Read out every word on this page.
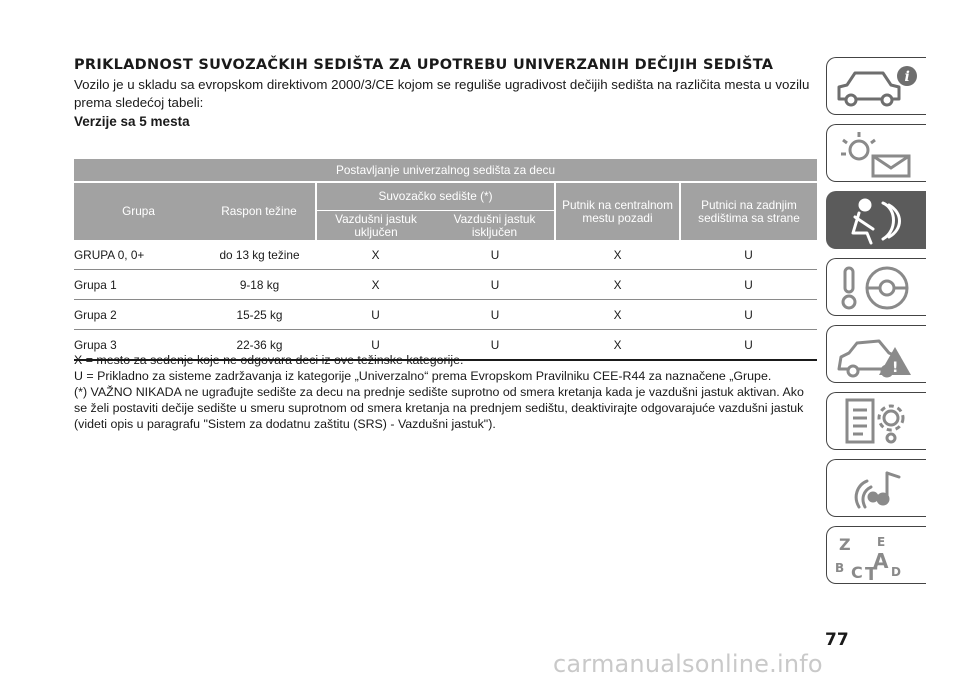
PRIKLADNOST SUVOZAČKIH SEDIŠTA ZA UPOTREBU UNIVERZANIH DEČIJIH SEDIŠTA

Vozilo je u skladu sa evropskom direktivom 2000/3/CE kojom se reguliše ugradivost dečijih sedišta na različita mesta u vozilu prema sledećoj tabeli:

Verzije sa 5 mesta

Postavljanje univerzalnog sedišta za decu					
Grupa	Raspon težine	Suvozačko sedište (*)		Putnik na centralnom mestu pozadi	Putnici na zadnjim sedištima sa strane
		Vazdušni jastuk uključen	Vazdušni jastuk isključen		
GRUPA 0, 0+	do 13 kg težine	X	U	X	U
Grupa 1	9-18 kg	X	U	X	U
Grupa 2	15-25 kg	U	U	X	U
Grupa 3	22-36 kg	U	U	X	U

X = mesto za sedenje koje ne odgovara deci iz ove težinske kategorije.

U = Prikladno za sisteme zadržavanja iz kategorije „Univerzalno“ prema Evropskom Pravilniku CEE-R44 za naznačene „Grupe.

(*) VAŽNO NIKADA ne ugrađujte sedište za decu na prednje sedište suprotno od smera kretanja kada je vazdušni jastuk aktivan. Ako se želi postaviti dečije sedište u smeru suprotnom od smera kretanja na prednjem sedištu, deaktivirajte odgovarajuće vazdušni jastuk (videti opis u paragrafu "Sistem za dodatnu zaštitu (SRS) - Vazdušni jastuk").

i
!
Z E
B A
C T D
77
carmanualsonline.info
